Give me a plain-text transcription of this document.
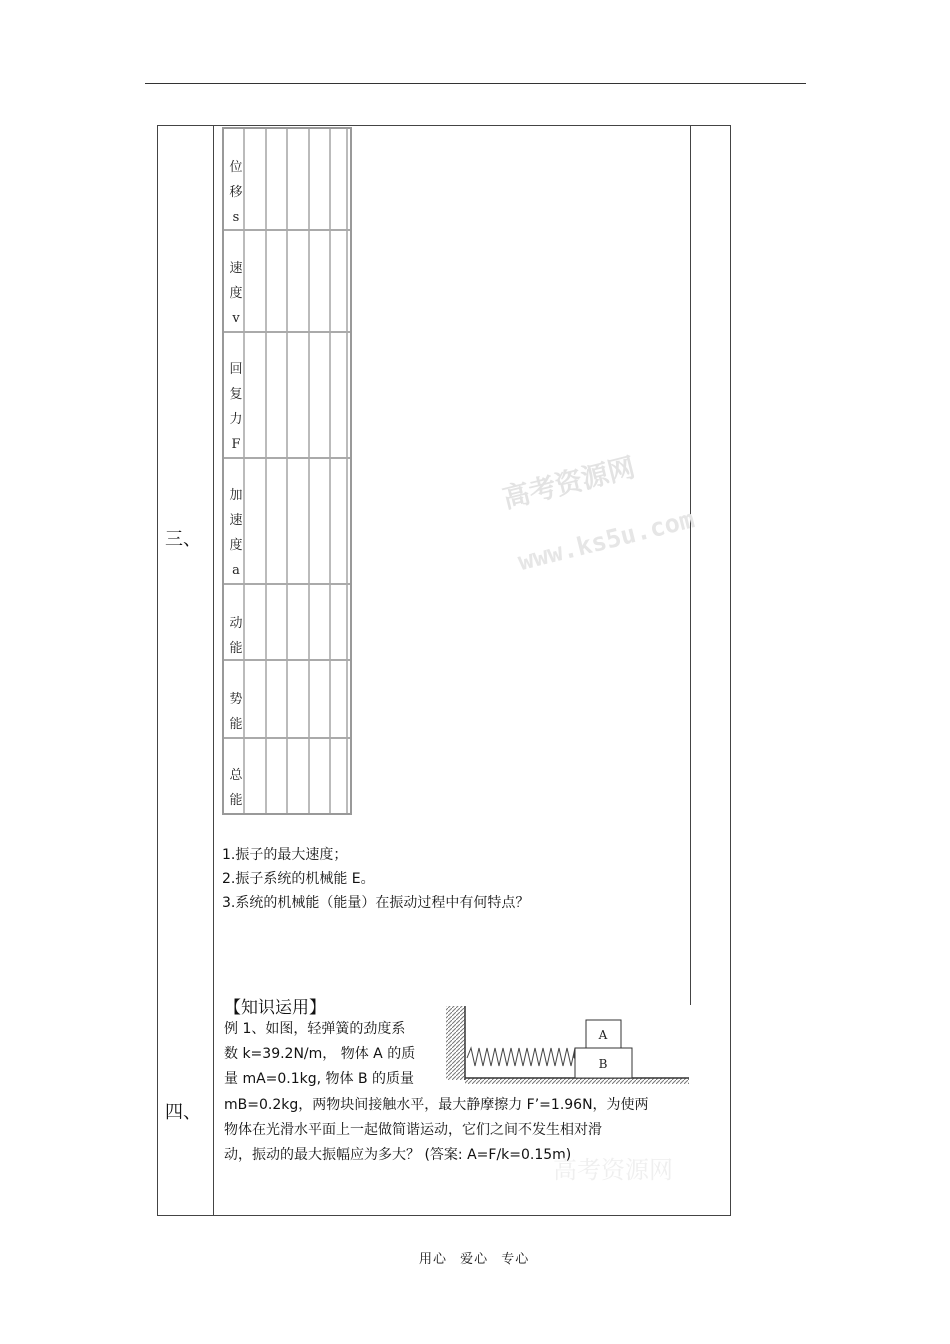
三、
四、
位
移
s
速
度
v
回
复
力
F
加
速
度
a
动
能
势
能
总
能
1.振子的最大速度；
2.振子系统的机械能 E。
3.系统的机械能（能量）在振动过程中有何特点？
高考资源网
www.ks5u.com
【知识运用】
例 1、如图，轻弹簧的劲度系
数 k=39.2N/m， 物体 A 的质
量 mA=0.1kg, 物体 B 的质量
mB=0.2kg，两物块间接触水平，最大静摩擦力 F’=1.96N，为使两
物体在光滑水平面上一起做简谐运动，它们之间不发生相对滑
动，振动的最大振幅应为多大？ (答案: A=F/k=0.15m)
高考资源网
B
A
用心 爱心 专心
